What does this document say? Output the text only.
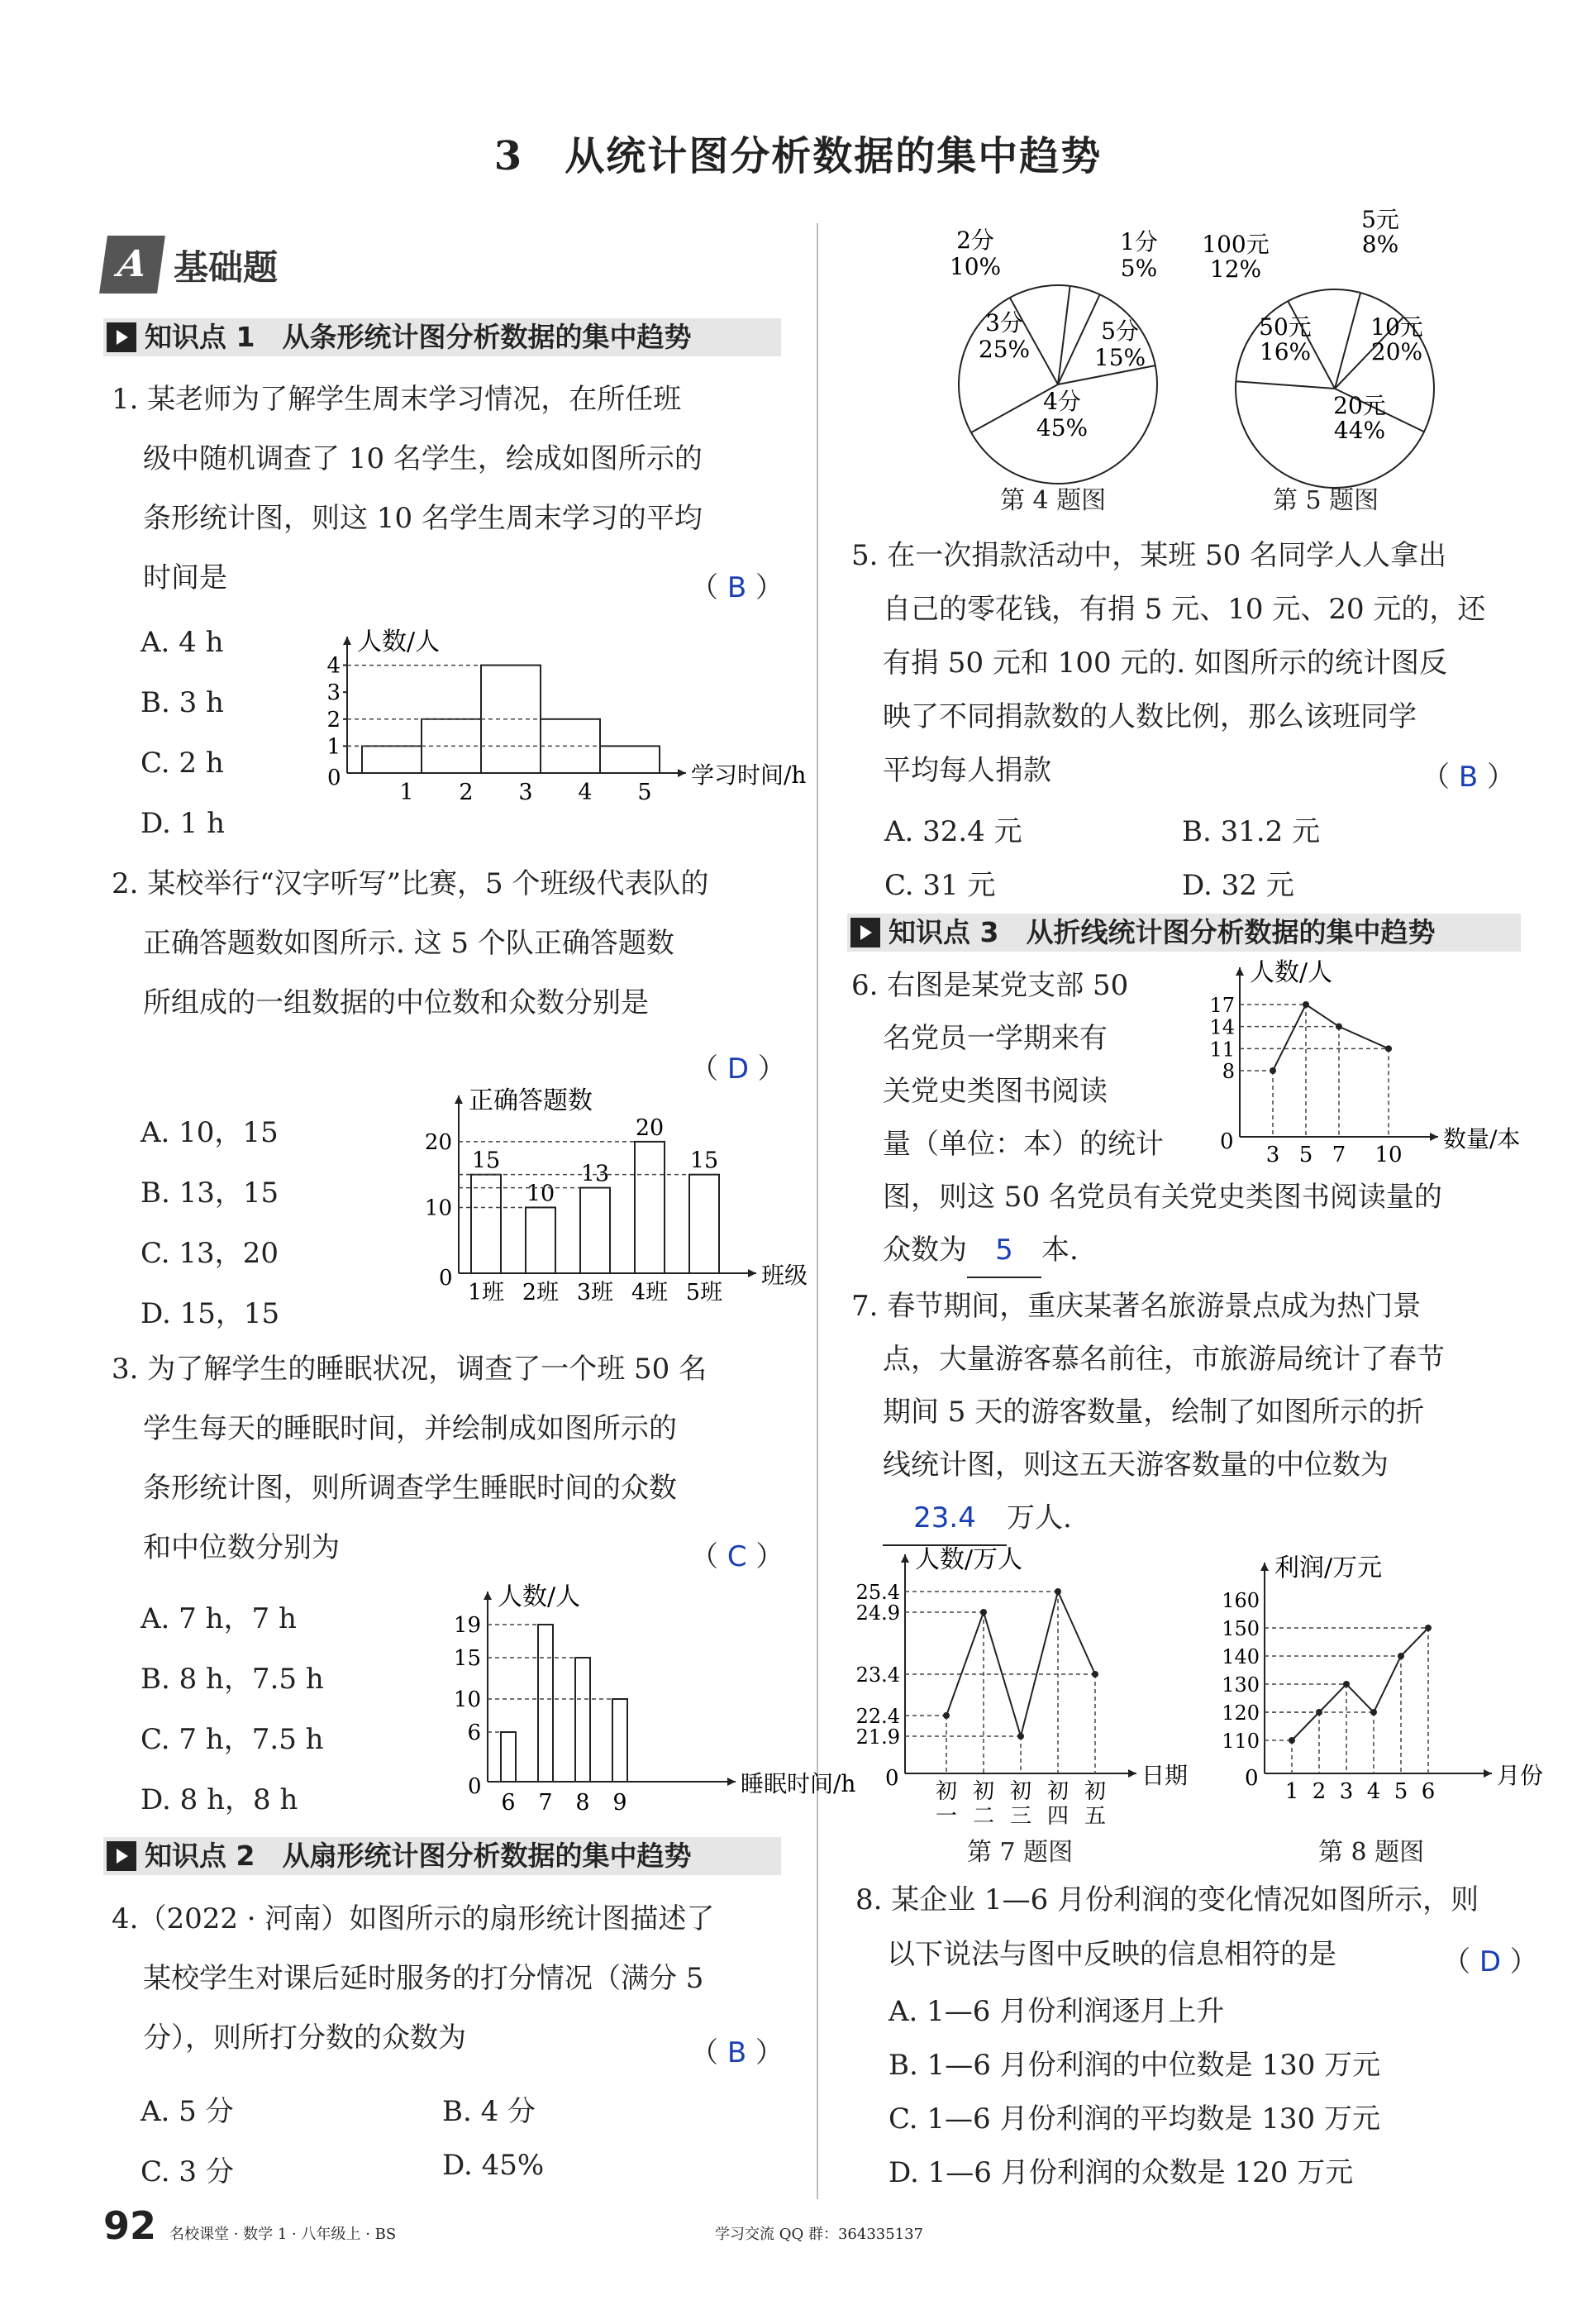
3　从统计图分析数据的集中趋势
A 基础题
知识点 1　从条形统计图分析数据的集中趋势
1. 某老师为了解学生周末学习情况，在所任班
级中随机调查了 10 名学生，绘成如图所示的
条形统计图，则这 10 名学生周末学习的平均
时间是	（ B ）
A. 4 h
B. 3 h
C. 2 h
D. 1 h
人数/人
学习时间/h
0
1
2
3
4
1 2 3 4 5
2. 某校举行“汉字听写”比赛，5 个班级代表队的
正确答题数如图所示. 这 5 个队正确答题数
所组成的一组数据的中位数和众数分别是
（ D ）
A. 10，15
B. 13，15
C. 13，20
D. 15，15
正确答题数
班级
0
10
20
1班
15
2班
10
3班
13
4班
20
5班
15
3. 为了解学生的睡眠状况，调查了一个班 50 名
学生每天的睡眠时间，并绘制成如图所示的
条形统计图，则所调查学生睡眠时间的众数
和中位数分别为	（ C ）
A. 7 h，7 h
B. 8 h，7.5 h
C. 7 h，7.5 h
D. 8 h，8 h
人数/人
睡眠时间/h
0
6
10
15
19
6 7 8 9
知识点 2　从扇形统计图分析数据的集中趋势
4.（2022 · 河南）如图所示的扇形统计图描述了
某校学生对课后延时服务的打分情况（满分 5
分），则所打分数的众数为	（ B ）
A. 5 分	B. 4 分
C. 3 分	D. 45%
1分
5%
5分
15%
4分
45%
3分
25%
2分
10%
5元
8%
10元
20%
20元
44%
50元
16%
100元
12%
第 4 题图	第 5 题图
5. 在一次捐款活动中，某班 50 名同学人人拿出
自己的零花钱，有捐 5 元、10 元、20 元的，还
有捐 50 元和 100 元的. 如图所示的统计图反
映了不同捐款数的人数比例，那么该班同学
平均每人捐款	（ B ）
A. 32.4 元	B. 31.2 元
C. 31 元	D. 32 元
知识点 3　从折线统计图分析数据的集中趋势
6. 右图是某党支部 50
名党员一学期来有
关党史类图书阅读
量（单位：本）的统计
图，则这 50 名党员有关党史类图书阅读量的
众数为 5 本.
人数/人
数量/本
0
8
11
14
17
3 5 7 10
7. 春节期间，重庆某著名旅游景点成为热门景
点，大量游客慕名前往，市旅游局统计了春节
期间 5 天的游客数量，绘制了如图所示的折
线统计图，则这五天游客数量的中位数为
23.4 万人.
人数/万人
日期
0
21.9
22.4
23.4
24.9
25.4
初一
初二
初三
初四
初五
利润/万元
月份
0
110
120
130
140
150
160
1 2 3 4 5 6
第 7 题图	第 8 题图
8. 某企业 1—6 月份利润的变化情况如图所示，则
以下说法与图中反映的信息相符的是	（ D ）
A. 1—6 月份利润逐月上升
B. 1—6 月份利润的中位数是 130 万元
C. 1—6 月份利润的平均数是 130 万元
D. 1—6 月份利润的众数是 120 万元
92 名校课堂 · 数学 1 · 八年级上 · BS	学习交流 QQ 群：364335137
